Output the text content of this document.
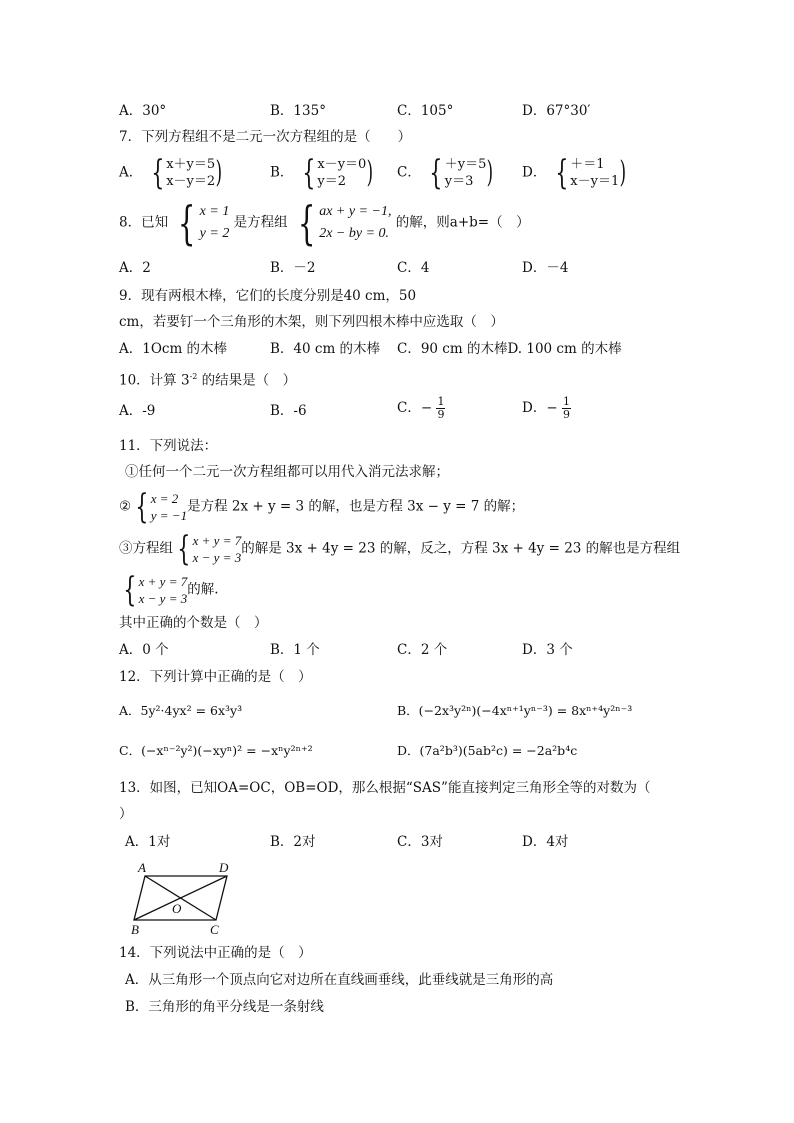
A．30°	B．135°	C．105°	D．67°30′
7．下列方程组不是二元一次方程组的是（　　）
A． { x＋y＝5
x－y＝2 )	B． { x－y＝0
y＝2 ) C． { ＋y＝5
y＝3 ) D． { ＋＝1
x－y＝1 )
8．已知 { x = 1
y = 2
是方程组 { ax + y = −1,
2x − by = 0.
的解，则a+b=（　）
A．2	B．－2	C．4	D．－4
9．现有两根木棒，它们的长度分别是40 cm，50
cm，若要钉一个三角形的木架，则下列四根木棒中应选取（　）
A．1Ocm 的木棒	B．40 cm 的木棒 C．90 cm 的木棒D. 100 cm 的木棒
10．计算 $3^{-2}$ 的结果是（　）
A．-9	B．-6	C．− $\frac{1}{9}$	D．− $\frac{1}{9}$
11．下列说法：
①任何一个二元一次方程组都可以用代入消元法求解；
② { x = 2
y = −1
是方程 2x + y = 3 的解，也是方程 3x − y = 7 的解；
③方程组 { x + y = 7
x − y = 3
的解是 3x + 4y = 23 的解，反之，方程 3x + 4y = 23 的解也是方程组
{ x + y = 7
x − y = 3
的解.
其中正确的个数是（　）
A．0 个	B．1 个	C．2 个	D．3 个
12．下列计算中正确的是（　）
A．5y²·4yx² = 6x³y³	B．(−2x³y²ⁿ)(−4xⁿ⁺¹yⁿ⁻³) = 8xⁿ⁺⁴y²ⁿ⁻³
C．(−xⁿ⁻²y²)(−xyⁿ)² = −xⁿy²ⁿ⁺²	D．(7a²b³)(5ab²c) = −2a²b⁴c
13．如图，已知OA=OC，OB=OD，那么根据“SAS”能直接判定三角形全等的对数为（
）
A．1对	B．2对	C．3对	D．4对
A	D
O
B	C
14．下列说法中正确的是（　）
A．从三角形一个顶点向它对边所在直线画垂线，此垂线就是三角形的高
B．三角形的角平分线是一条射线
